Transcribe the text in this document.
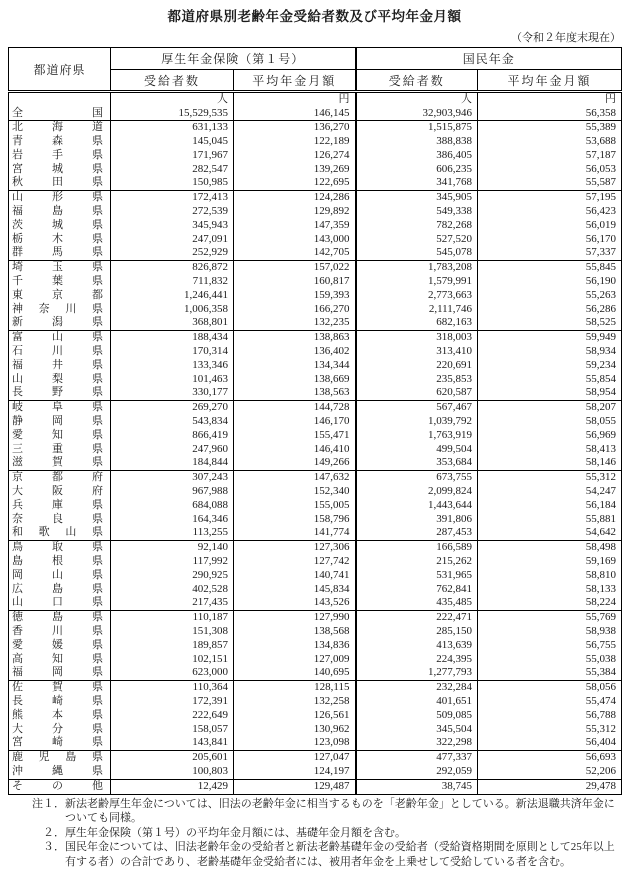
都道府県別老齢年金受給者数及び平均年金月額
（令和２年度末現在）
都道府県	厚生年金保険（第１号）		国民年金	
	受給者数	平均年金月額	受給者数	平均年金月額
	人	円	人	円

全 国	15,529,535	146,145	32,903,946	56,358

北 海 道	631,133	136,270	1,515,875	55,389

青 森 県	145,045	122,189	388,838	53,688

岩 手 県	171,967	126,274	386,405	57,187

宮 城 県	282,547	139,269	606,235	56,053

秋 田 県	150,985	122,695	341,768	55,587

山 形 県	172,413	124,286	345,905	57,195

福 島 県	272,539	129,892	549,338	56,423

茨 城 県	345,943	147,359	782,268	56,019

栃 木 県	247,091	143,000	527,520	56,170

群 馬 県	252,929	142,705	545,078	57,337

埼 玉 県	826,872	157,022	1,783,208	55,845

千 葉 県	711,832	160,817	1,579,991	56,190

東 京 都	1,246,441	159,393	2,773,663	55,263

神 奈 川 県	1,006,358	166,270	2,111,746	56,286

新 潟 県	368,801	132,235	682,163	58,525

富 山 県	188,434	138,863	318,003	59,949

石 川 県	170,314	136,402	313,410	58,934

福 井 県	133,346	134,344	220,691	59,234

山 梨 県	101,463	138,669	235,853	55,854

長 野 県	330,177	138,563	620,587	58,954

岐 阜 県	269,270	144,728	567,467	58,207

静 岡 県	543,834	146,170	1,039,792	58,055

愛 知 県	866,419	155,471	1,763,919	56,969

三 重 県	247,960	146,410	499,504	58,413

滋 賀 県	184,844	149,266	353,684	58,146

京 都 府	307,243	147,632	673,755	55,312

大 阪 府	967,988	152,340	2,099,824	54,247

兵 庫 県	684,088	155,005	1,443,644	56,184

奈 良 県	164,346	158,796	391,806	55,881

和 歌 山 県	113,255	141,774	287,453	54,642

鳥 取 県	92,140	127,306	166,589	58,498

島 根 県	117,992	127,742	215,262	59,169

岡 山 県	290,925	140,741	531,965	58,810

広 島 県	402,528	145,834	762,841	58,133

山 口 県	217,435	143,526	435,485	58,224

徳 島 県	110,187	127,990	222,471	55,769

香 川 県	151,308	138,568	285,150	58,938

愛 媛 県	189,857	134,836	413,639	56,755

高 知 県	102,151	127,009	224,395	55,038

福 岡 県	623,000	140,695	1,277,793	55,384

佐 賀 県	110,364	128,115	232,284	58,056

長 崎 県	172,391	132,258	401,651	55,474

熊 本 県	222,649	126,561	509,085	56,788

大 分 県	158,057	130,962	345,504	55,312

宮 崎 県	143,841	123,098	322,298	56,404

鹿 児 島 県	205,601	127,047	477,337	56,693

沖 縄 県	100,803	124,197	292,059	52,206

そ の 他	12,429	129,487	38,745	29,478
注１． 新法老齢厚生年金については、旧法の老齢年金に相当するものを「老齢年金」としている。新法退職共済年金についても同様。
２． 厚生年金保険（第１号）の平均年金月額には、基礎年金月額を含む。
３． 国民年金については、旧法老齢年金の受給者と新法老齢基礎年金の受給者（受給資格期間を原則として25年以上有する者）の合計であり、老齢基礎年金受給者には、被用者年金を上乗せして受給している者を含む。
